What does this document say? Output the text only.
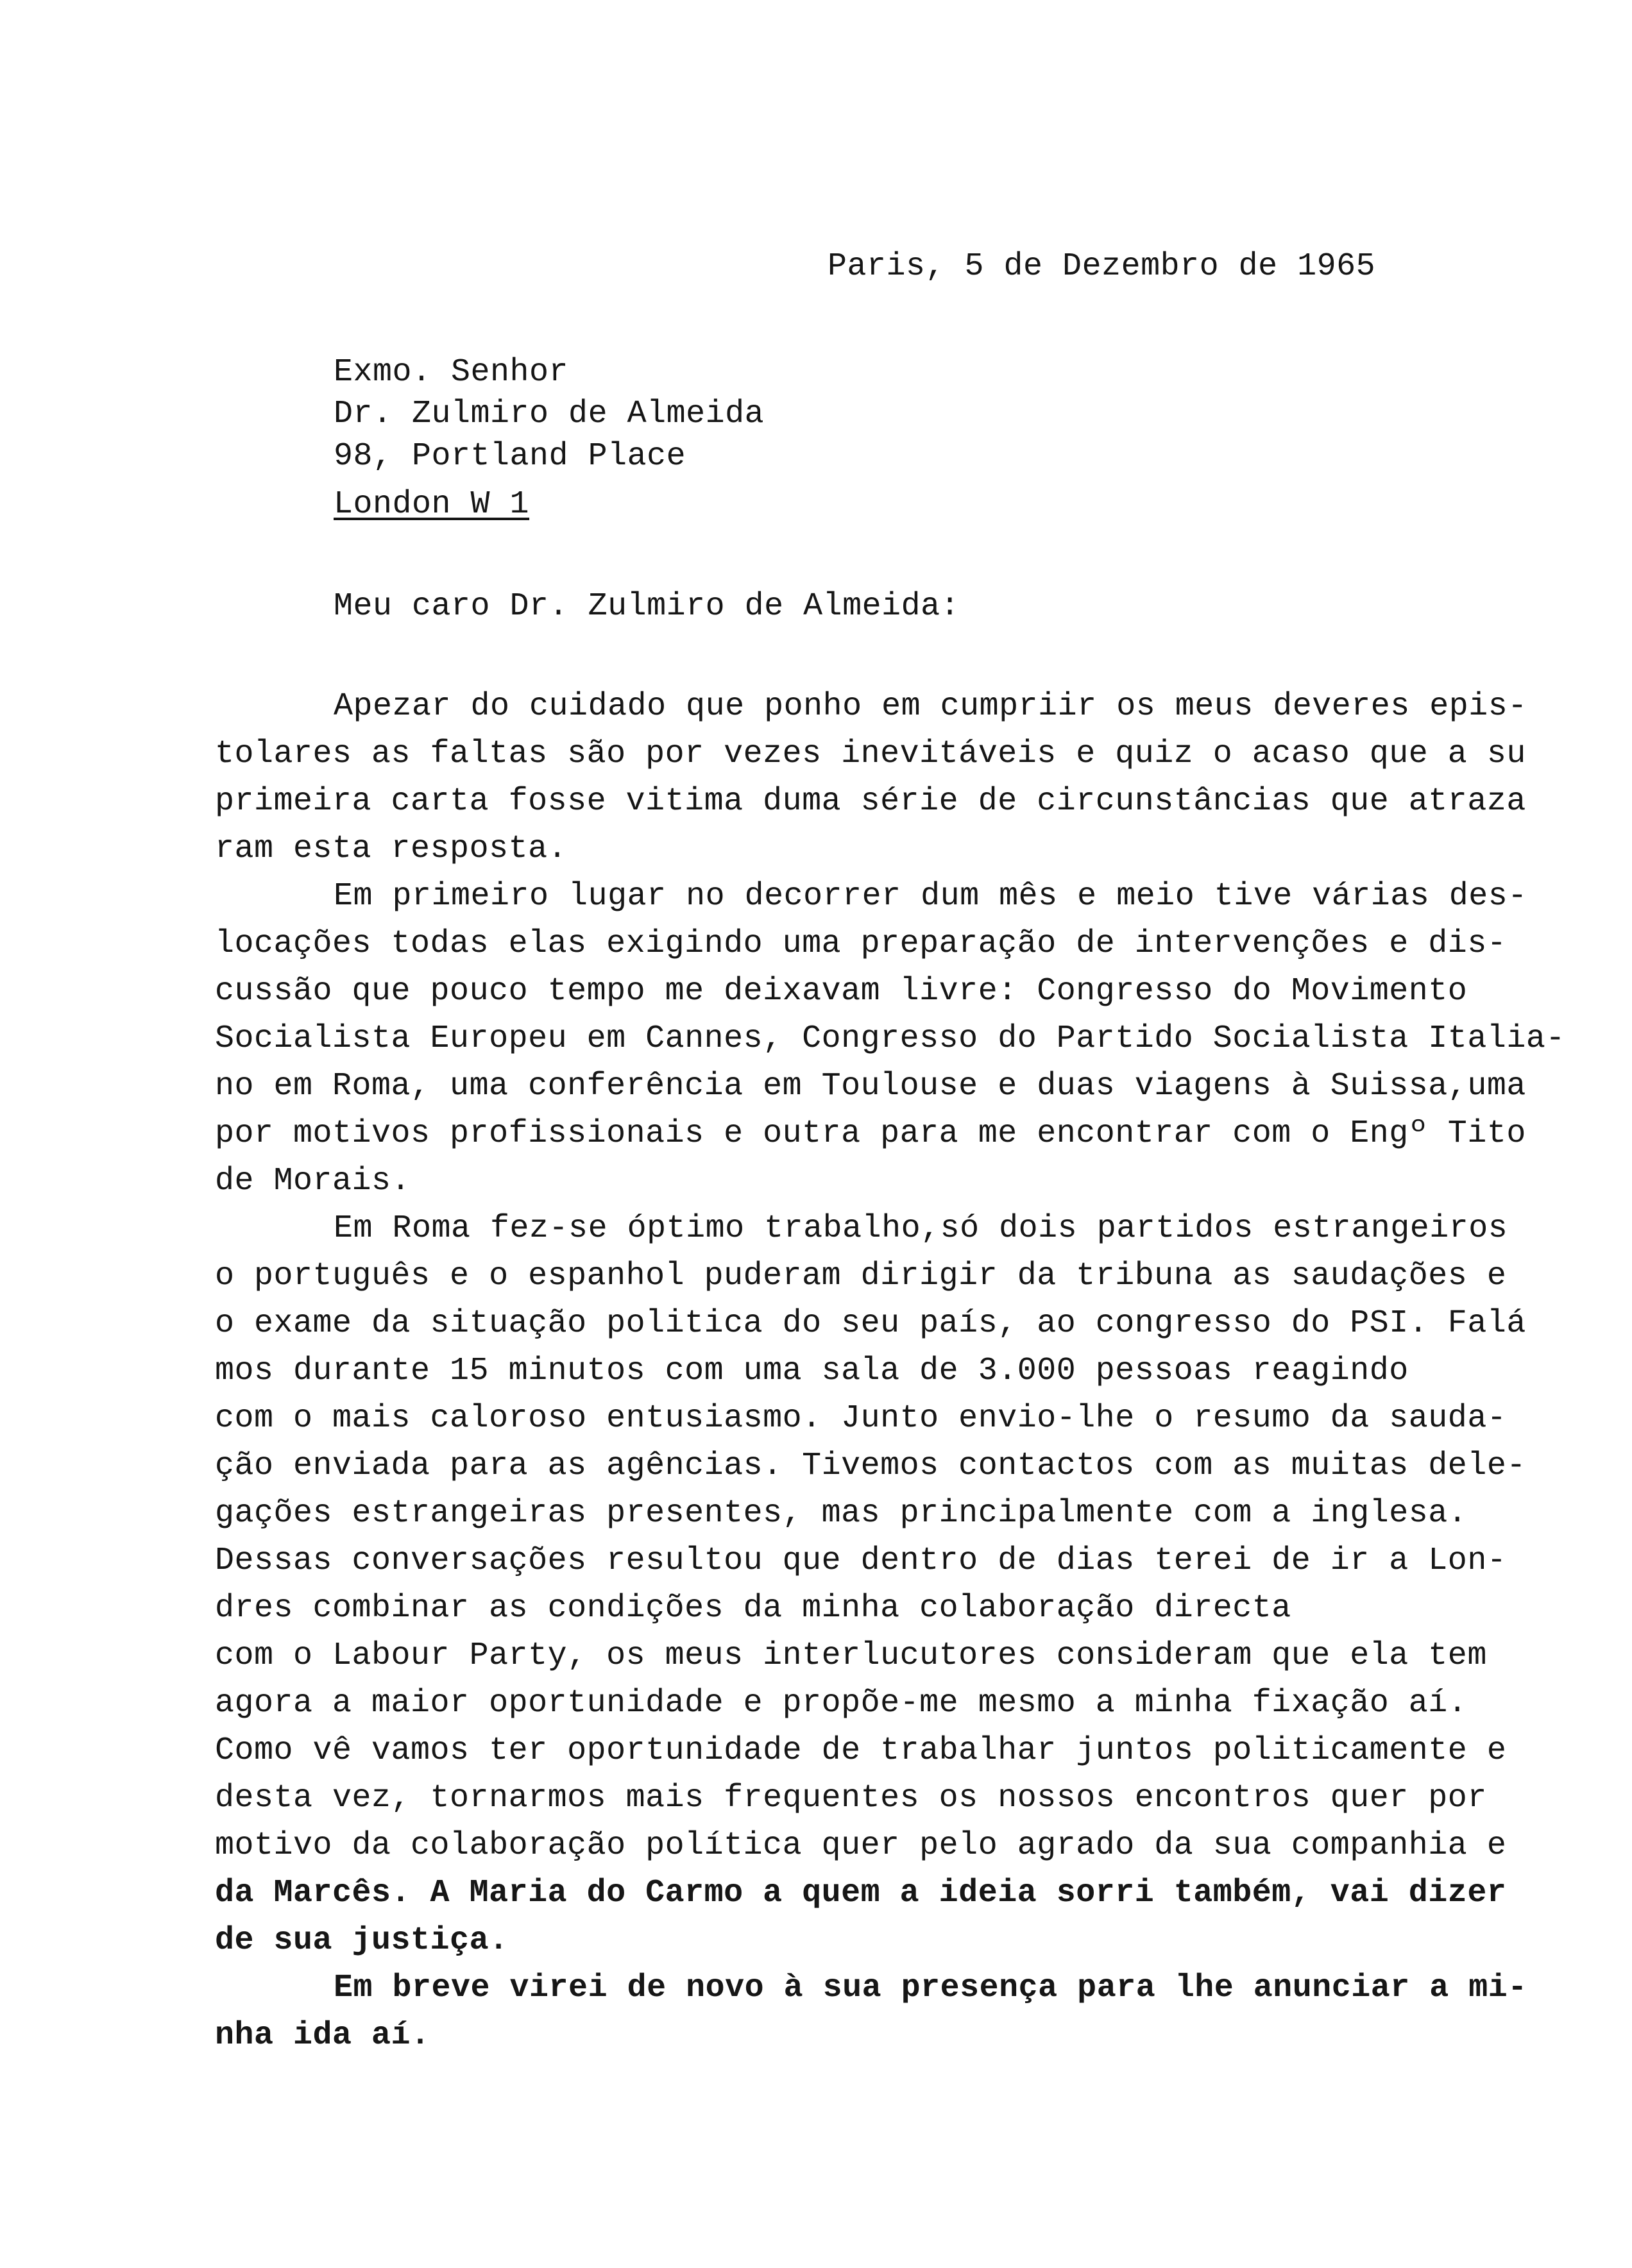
Paris, 5 de Dezembro de 1965
Exmo. Senhor
Dr. Zulmiro de Almeida
98, Portland Place
London W 1
Meu caro Dr. Zulmiro de Almeida:
Apezar do cuidado que ponho em cumpriir os meus deveres epis-
tolares as faltas são por vezes inevitáveis e quiz o acaso que a su
primeira carta fosse vitima duma série de circunstâncias que atraza
ram esta resposta.
Em primeiro lugar no decorrer dum mês e meio tive várias des-
locações todas elas exigindo uma preparação de intervenções e dis-
cussão que pouco tempo me deixavam livre: Congresso do Movimento
Socialista Europeu em Cannes, Congresso do Partido Socialista Italia-
no em Roma, uma conferência em Toulouse e duas viagens à Suissa,uma
por motivos profissionais e outra para me encontrar com o Engº Tito
de Morais.
Em Roma fez-se óptimo trabalho,só dois partidos estrangeiros
o português e o espanhol puderam dirigir da tribuna as saudações e
o exame da situação politica do seu país, ao congresso do PSI. Falá
mos durante 15 minutos com uma sala de 3.000 pessoas reagindo
com o mais caloroso entusiasmo. Junto envio-lhe o resumo da sauda-
ção enviada para as agências. Tivemos contactos com as muitas dele-
gações estrangeiras presentes, mas principalmente com a inglesa.
Dessas conversações resultou que dentro de dias terei de ir a Lon-
dres combinar as condições da minha colaboração directa
com o Labour Party, os meus interlucutores consideram que ela tem
agora a maior oportunidade e propõe-me mesmo a minha fixação aí.
Como vê vamos ter oportunidade de trabalhar juntos politicamente e
desta vez, tornarmos mais frequentes os nossos encontros quer por
motivo da colaboração política quer pelo agrado da sua companhia e
da Marcês. A Maria do Carmo a quem a ideia sorri também, vai dizer
de sua justiça.
Em breve virei de novo à sua presença para lhe anunciar a mi-
nha ida aí.
